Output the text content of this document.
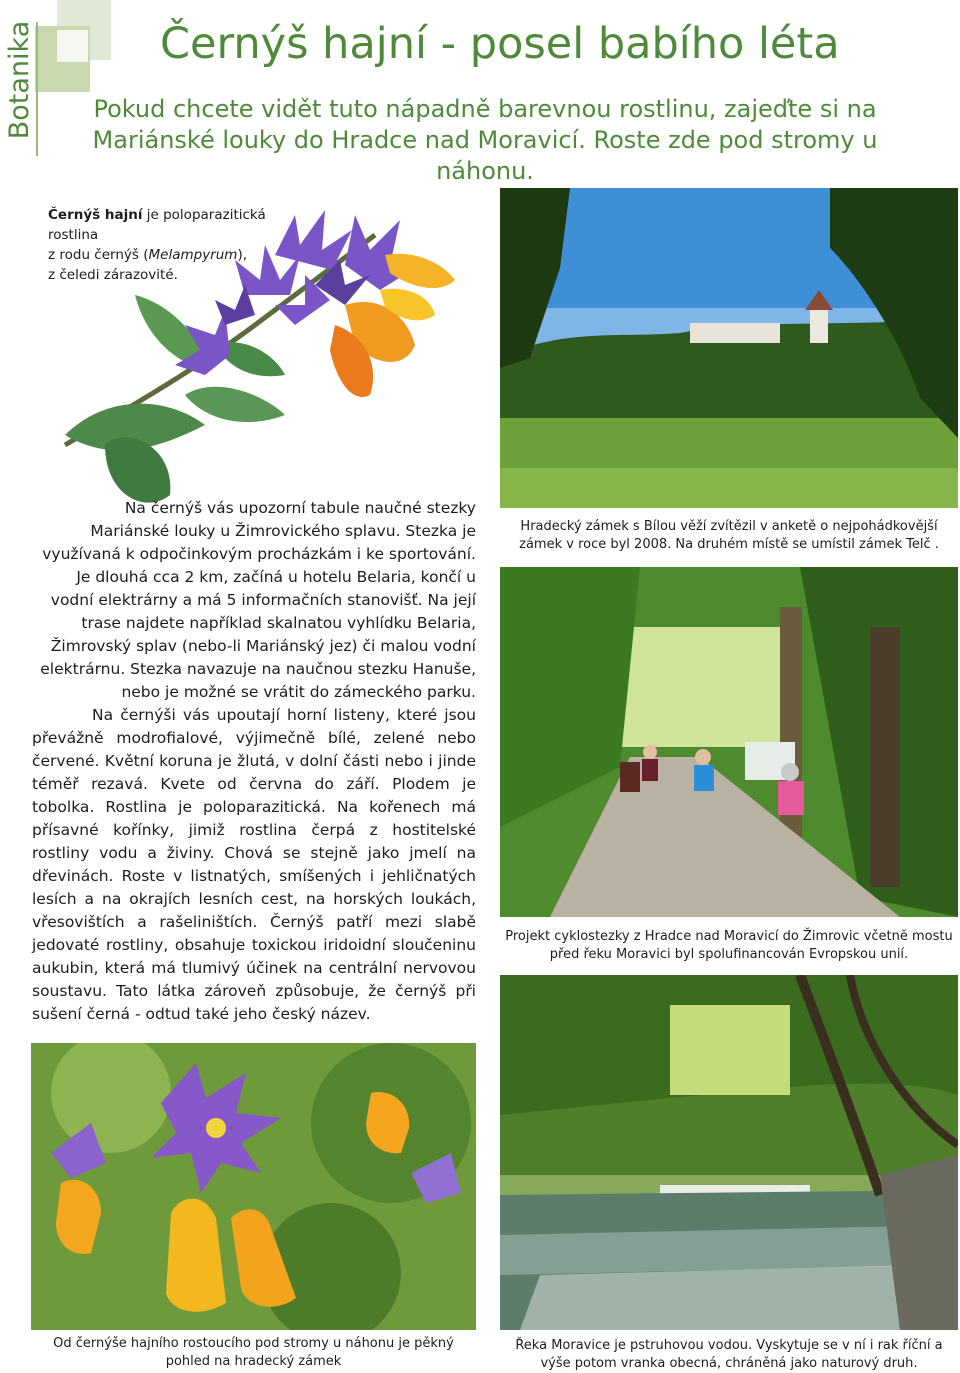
Botanika	Černýš hajní - posel babího léta
Pokud chcete vidět tuto nápadně barevnou rostlinu, zajeďte si na Mariánské louky do Hradce nad Moravicí. Roste zde pod stromy u náhonu.
Černýš hajní je poloparazitická rostlina
z rodu černýš (Melampyrum),
z čeledi zárazovité.

Na černýš vás upozorní tabule naučné stezky Mariánské louky u Žimrovického splavu. Stezka je využívaná k odpočinkovým procházkám i ke sportování. Je dlouhá cca 2 km, začíná u hotelu Belaria, končí u vodní elektrárny a má 5 informačních stanovišť. Na její trase najdete například skalnatou vyhlídku Belaria, Žimrovský splav (nebo-li Mariánský jez) či malou vodní elektrárnu. Stezka navazuje na naučnou stezku Hanuše, nebo je možné se vrátit do zámeckého parku.

Na černýši vás upoutají horní listeny, které jsou převážně modrofialové, výjimečně bílé, zelené nebo červené. Květní koruna je žlutá, v dolní části nebo i jinde téměř rezavá. Kvete od června do září. Plodem je tobolka. Rostlina je poloparazitická. Na kořenech má přísavné kořínky, jimiž rostlina čerpá z hostitelské rostliny vodu a živiny. Chová se stejně jako jmelí na dřevinách. Roste v listnatých, smíšených i jehličnatých lesích a na okrajích lesních cest, na horských loukách, vřesovištích a rašeliništích. Černýš patří mezi slabě jedovaté rostliny, obsahuje toxickou iridoidní sloučeninu aukubin, která má tlumivý účinek na centrální nervovou soustavu. Tato látka zároveň způsobuje, že černýš při sušení černá - odtud také jeho český název.

Hradecký zámek s Bílou věží zvítězil v anketě o nejpohádkovější zámek v roce byl 2008. Na druhém místě se umístil zámek Telč .
Projekt cyklostezky z Hradce nad Moravicí do Žimrovic včetně mostu před řeku Moravici byl spolufinancován Evropskou unií.
Od černýše hajního rostoucího pod stromy u náhonu je pěkný pohled na hradecký zámek
Řeka Moravice je pstruhovou vodou. Vyskytuje se v ní i rak říční a výše potom vranka obecná, chráněná jako naturový druh.
